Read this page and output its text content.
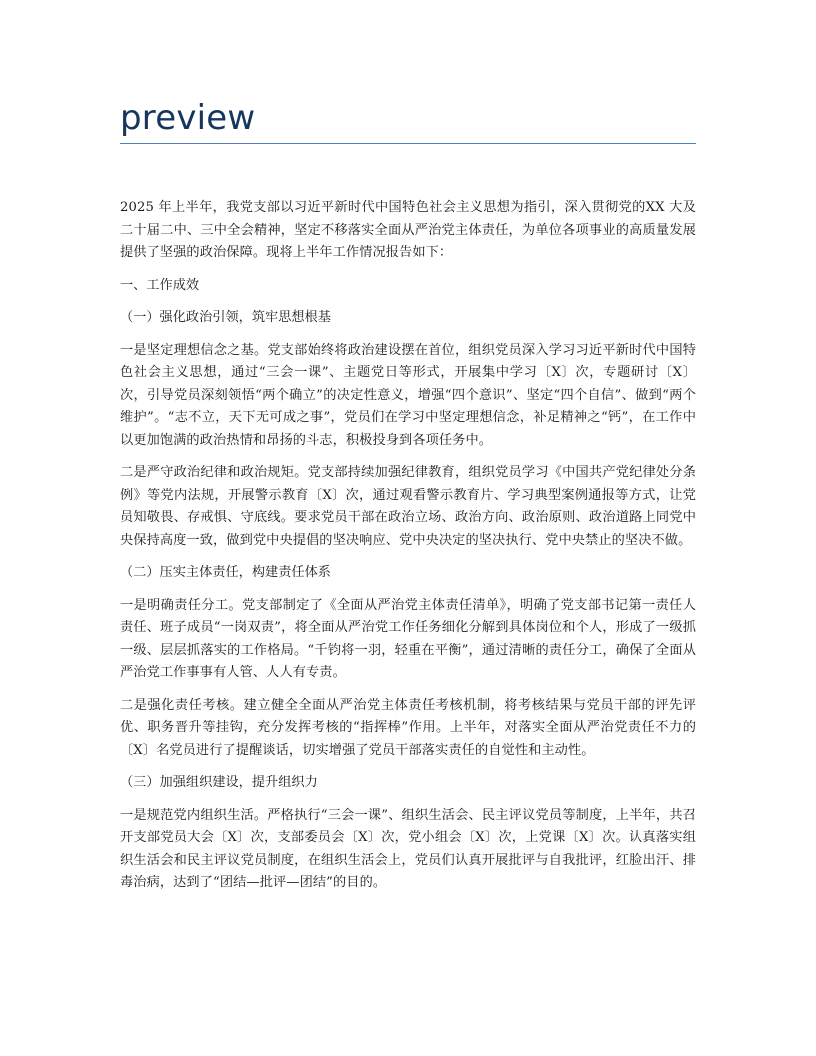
preview

2025 年上半年，我党支部以习近平新时代中国特色社会主义思想为指引，深入贯彻党的XX 大及二十届二中、三中全会精神，坚定不移落实全面从严治党主体责任，为单位各项事业的高质量发展提供了坚强的政治保障。现将上半年工作情况报告如下：

一、工作成效

（一）强化政治引领，筑牢思想根基

一是坚定理想信念之基。党支部始终将政治建设摆在首位，组织党员深入学习习近平新时代中国特色社会主义思想，通过“三会一课”、主题党日等形式，开展集中学习〔X〕次，专题研讨〔X〕次，引导党员深刻领悟“两个确立”的决定性意义，增强“四个意识”、坚定“四个自信”、做到“两个维护”。“志不立，天下无可成之事”，党员们在学习中坚定理想信念，补足精神之“钙”，在工作中以更加饱满的政治热情和昂扬的斗志，积极投身到各项任务中。

二是严守政治纪律和政治规矩。党支部持续加强纪律教育，组织党员学习《中国共产党纪律处分条例》等党内法规，开展警示教育〔X〕次，通过观看警示教育片、学习典型案例通报等方式，让党员知敬畏、存戒惧、守底线。要求党员干部在政治立场、政治方向、政治原则、政治道路上同党中央保持高度一致，做到党中央提倡的坚决响应、党中央决定的坚决执行、党中央禁止的坚决不做。

（二）压实主体责任，构建责任体系

一是明确责任分工。党支部制定了《全面从严治党主体责任清单》，明确了党支部书记第一责任人责任、班子成员“一岗双责”，将全面从严治党工作任务细化分解到具体岗位和个人，形成了一级抓一级、层层抓落实的工作格局。“千钧将一羽，轻重在平衡”，通过清晰的责任分工，确保了全面从严治党工作事事有人管、人人有专责。

二是强化责任考核。建立健全全面从严治党主体责任考核机制，将考核结果与党员干部的评先评优、职务晋升等挂钩，充分发挥考核的“指挥棒”作用。上半年，对落实全面从严治党责任不力的〔X〕名党员进行了提醒谈话，切实增强了党员干部落实责任的自觉性和主动性。

（三）加强组织建设，提升组织力

一是规范党内组织生活。严格执行“三会一课”、组织生活会、民主评议党员等制度，上半年，共召开支部党员大会〔X〕次，支部委员会〔X〕次，党小组会〔X〕次，上党课〔X〕次。认真落实组织生活会和民主评议党员制度，在组织生活会上，党员们认真开展批评与自我批评，红脸出汗、排毒治病，达到了“团结—批评—团结”的目的。
